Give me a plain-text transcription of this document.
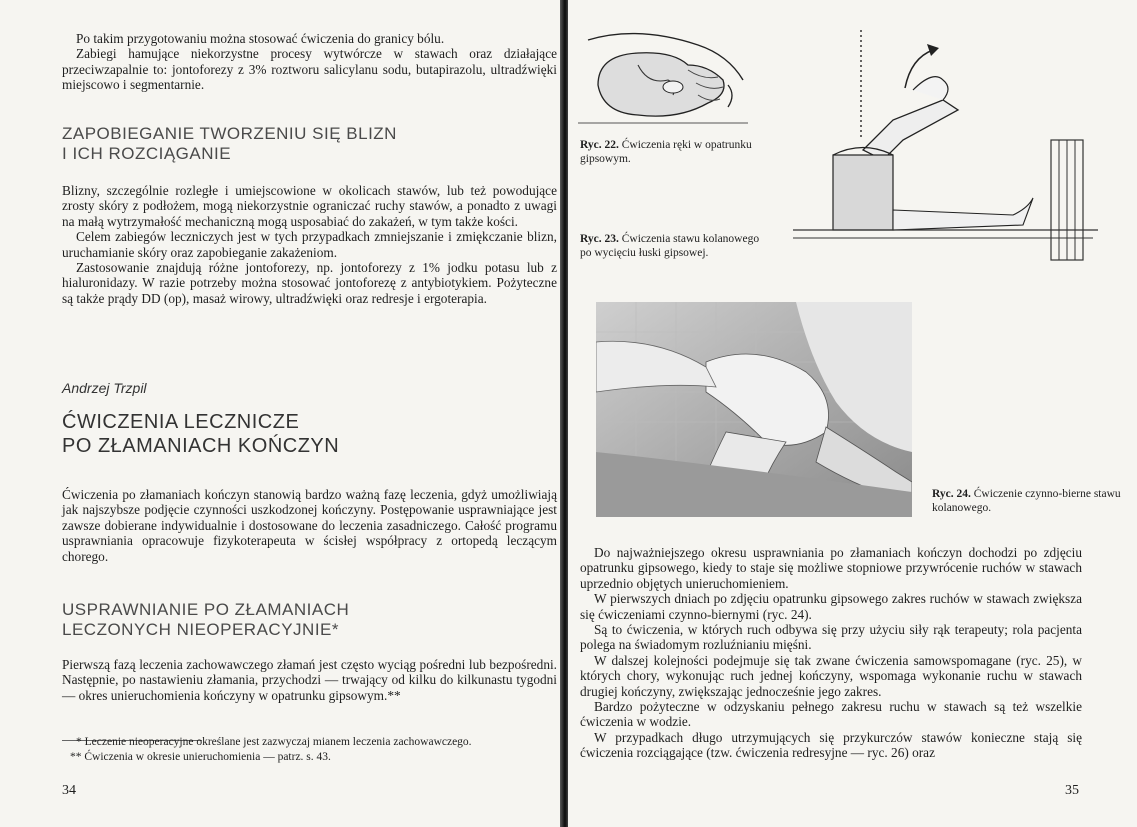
Po takim przygotowaniu można stosować ćwiczenia do granicy bólu.

Zabiegi hamujące niekorzystne procesy wytwórcze w stawach oraz działające przeciwzapalnie to: jontoforezy z 3% roztworu salicylanu sodu, butapirazolu, ultradźwięki miejscowo i segmentarnie.

ZAPOBIEGANIE TWORZENIU SIĘ BLIZN
I ICH ROZCIĄGANIE

Blizny, szczególnie rozległe i umiejscowione w okolicach stawów, lub też powodujące zrosty skóry z podłożem, mogą niekorzystnie ograniczać ruchy stawów, a ponadto z uwagi na małą wytrzymałość mechaniczną mogą usposabiać do zakażeń, w tym także kości.

Celem zabiegów leczniczych jest w tych przypadkach zmniejszanie i zmiękczanie blizn, uruchamianie skóry oraz zapobieganie zakażeniom.

Zastosowanie znajdują różne jontoforezy, np. jontoforezy z 1% jodku potasu lub z hialuronidazy. W razie potrzeby można stosować jontoforezę z antybiotykiem. Pożyteczne są także prądy DD (op), masaż wirowy, ultradźwięki oraz redresje i ergoterapia.

Andrzej Trzpil
ĆWICZENIA LECZNICZE
PO ZŁAMANIACH KOŃCZYN

Ćwiczenia po złamaniach kończyn stanowią bardzo ważną fazę leczenia, gdyż umożliwiają jak najszybsze podjęcie czynności uszkodzonej kończyny. Postępowanie usprawniające jest zawsze dobierane indywidualnie i dostosowane do leczenia zasadniczego. Całość programu usprawniania opracowuje fizykoterapeuta w ścisłej współpracy z ortopedą leczącym chorego.

USPRAWNIANIE PO ZŁAMANIACH
LECZONYCH NIEOPERACYJNIE*

Pierwszą fazą leczenia zachowawczego złamań jest często wyciąg pośredni lub bezpośredni. Następnie, po nastawieniu złamania, przychodzi — trwający od kilku do kilkunastu tygodni — okres unieruchomienia kończyny w opatrunku gipsowym.**

* Leczenie nieoperacyjne określane jest zazwyczaj mianem leczenia zachowawczego.
** Ćwiczenia w okresie unieruchomienia — patrz. s. 43.
34
Ryc. 22. Ćwiczenia ręki w opatrunku gipsowym.
Ryc. 23. Ćwiczenia stawu kolanowego po wycięciu łuski gipsowej.
Ryc. 24. Ćwiczenie czynno-bierne stawu kolanowego.

Do najważniejszego okresu usprawniania po złamaniach kończyn dochodzi po zdjęciu opatrunku gipsowego, kiedy to staje się możliwe stopniowe przywrócenie ruchów w stawach uprzednio objętych unieruchomieniem.

W pierwszych dniach po zdjęciu opatrunku gipsowego zakres ruchów w stawach zwiększa się ćwiczeniami czynno-biernymi (ryc. 24).

Są to ćwiczenia, w których ruch odbywa się przy użyciu siły rąk terapeuty; rola pacjenta polega na świadomym rozluźnianiu mięśni.

W dalszej kolejności podejmuje się tak zwane ćwiczenia samowspomagane (ryc. 25), w których chory, wykonując ruch jednej kończyny, wspomaga wykonanie ruchu w stawach drugiej kończyny, zwiększając jednocześnie jego zakres.

Bardzo pożyteczne w odzyskaniu pełnego zakresu ruchu w stawach są też wszelkie ćwiczenia w wodzie.

W przypadkach długo utrzymujących się przykurczów stawów konieczne stają się ćwiczenia rozciągające (tzw. ćwiczenia redresyjne — ryc. 26) oraz

35
